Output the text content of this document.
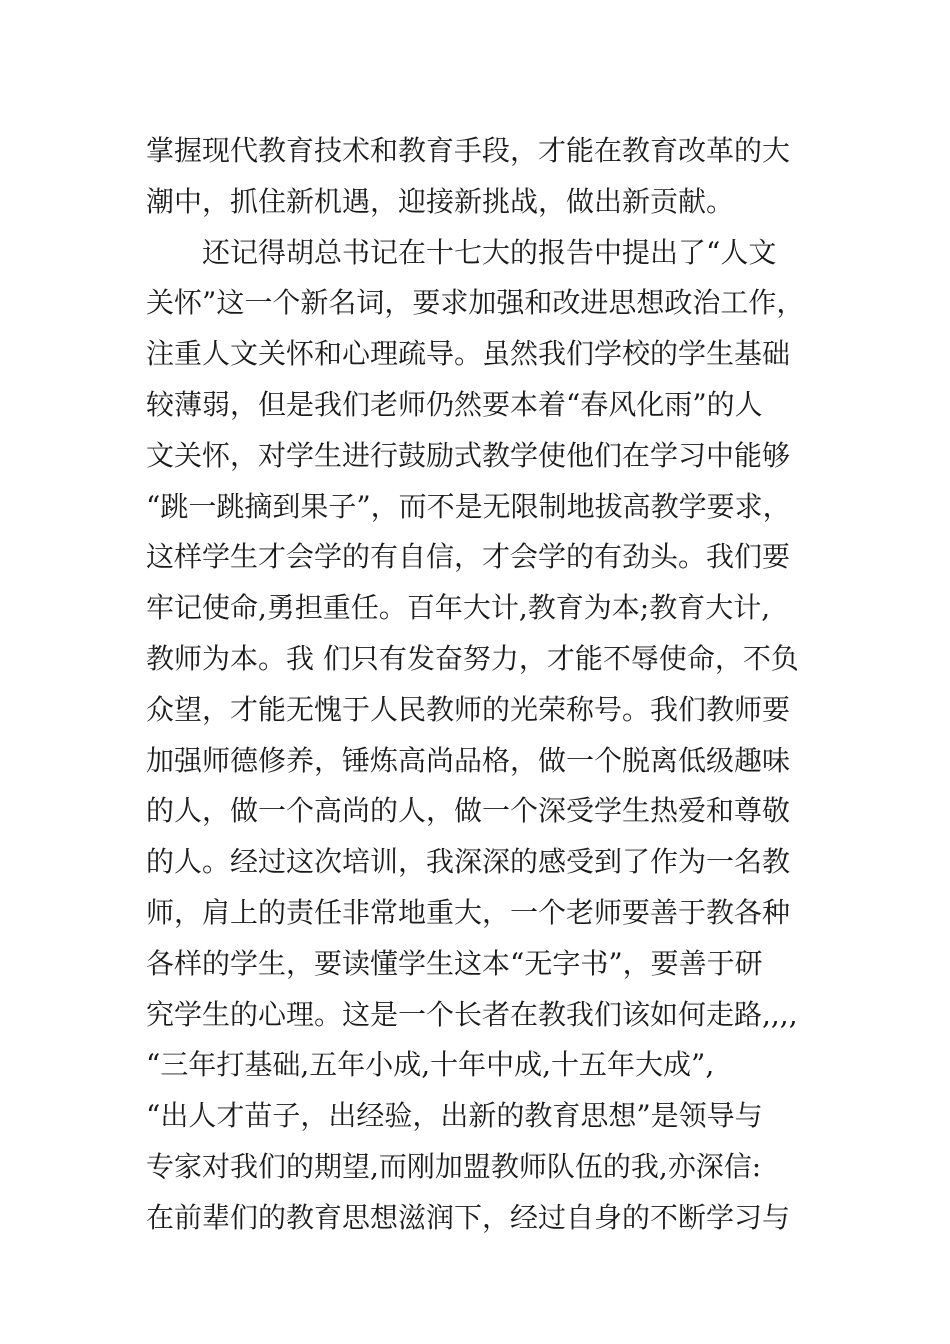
掌握现代教育技术和教育手段，才能在教育改革的大
潮中，抓住新机遇，迎接新挑战，做出新贡献。
还记得胡总书记在十七大的报告中提出了“人文
关怀”这一个新名词，要求加强和改进思想政治工作，
注重人文关怀和心理疏导。虽然我们学校的学生基础
较薄弱，但是我们老师仍然要本着“春风化雨”的人
文关怀，对学生进行鼓励式教学使他们在学习中能够
“跳一跳摘到果子”，而不是无限制地拔高教学要求，
这样学生才会学的有自信，才会学的有劲头。我们要
牢记使命,勇担重任。百年大计,教育为本;教育大计,
教师为本。我 们只有发奋努力，才能不辱使命，不负
众望，才能无愧于人民教师的光荣称号。我们教师要
加强师德修养，锤炼高尚品格，做一个脱离低级趣味
的人，做一个高尚的人，做一个深受学生热爱和尊敬
的人。经过这次培训，我深深的感受到了作为一名教
师，肩上的责任非常地重大，一个老师要善于教各种
各样的学生，要读懂学生这本“无字书”，要善于研
究学生的心理。这是一个长者在教我们该如何走路,,,,
“三年打基础,五年小成,十年中成,十五年大成”,
“出人才苗子，出经验，出新的教育思想”是领导与
专家对我们的期望,而刚加盟教师队伍的我,亦深信:
在前辈们的教育思想滋润下，经过自身的不断学习与
